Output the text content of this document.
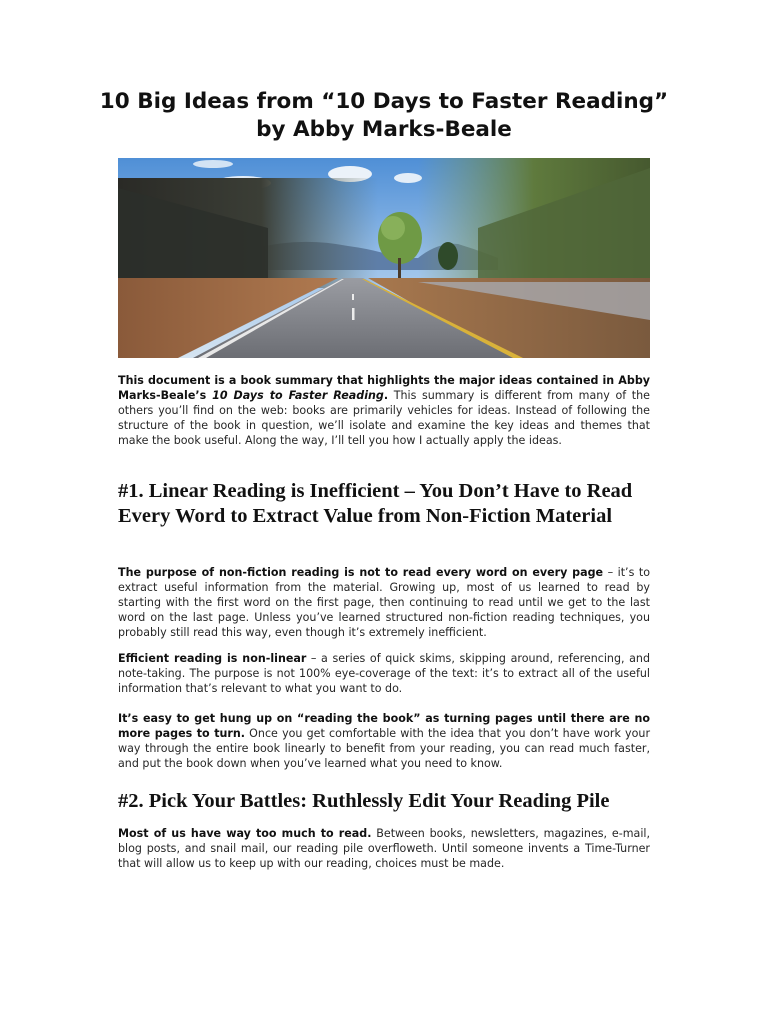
10 Big Ideas from “10 Days to Faster Reading” by Abby Marks-Beale

This document is a book summary that highlights the major ideas contained in Abby Marks-Beale’s 10 Days to Faster Reading. This summary is different from many of the others you’ll find on the web: books are primarily vehicles for ideas. Instead of following the structure of the book in question, we’ll isolate and examine the key ideas and themes that make the book useful. Along the way, I’ll tell you how I actually apply the ideas.

#1. Linear Reading is Inefficient – You Don’t Have to Read Every Word to Extract Value from Non-Fiction Material

The purpose of non-fiction reading is not to read every word on every page – it’s to extract useful information from the material. Growing up, most of us learned to read by starting with the first word on the first page, then continuing to read until we get to the last word on the last page. Unless you’ve learned structured non-fiction reading techniques, you probably still read this way, even though it’s extremely inefficient.

Efficient reading is non-linear – a series of quick skims, skipping around, referencing, and note-taking. The purpose is not 100% eye-coverage of the text: it’s to extract all of the useful information that’s relevant to what you want to do.

It’s easy to get hung up on “reading the book” as turning pages until there are no more pages to turn. Once you get comfortable with the idea that you don’t have work your way through the entire book linearly to benefit from your reading, you can read much faster, and put the book down when you’ve learned what you need to know.

#2. Pick Your Battles: Ruthlessly Edit Your Reading Pile

Most of us have way too much to read. Between books, newsletters, magazines, e-mail, blog posts, and snail mail, our reading pile overfloweth. Until someone invents a Time-Turner that will allow us to keep up with our reading, choices must be made.
